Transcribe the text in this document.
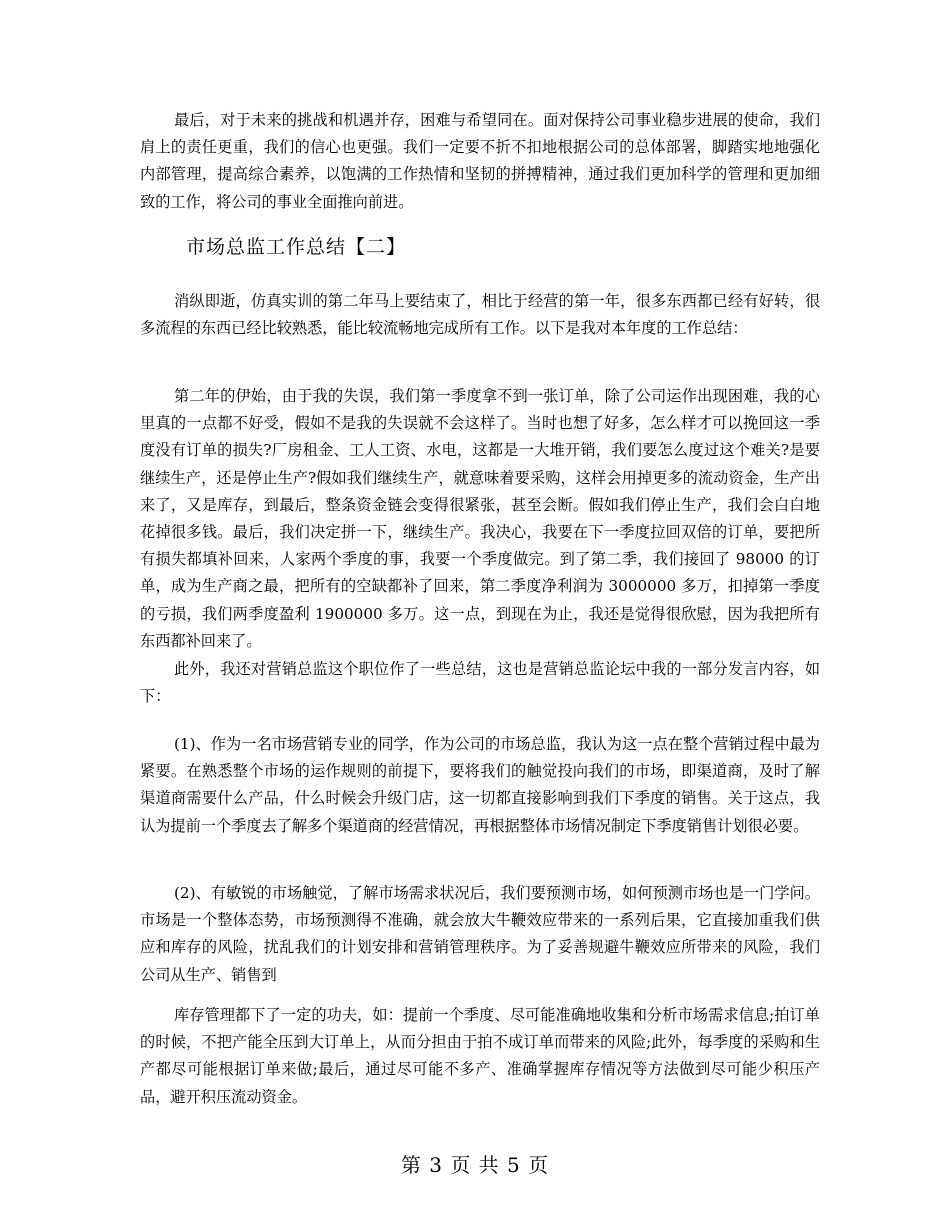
最后，对于未来的挑战和机遇并存，困难与希望同在。面对保持公司事业稳步进展的使命，我们肩上的责任更重，我们的信心也更强。我们一定要不折不扣地根据公司的总体部署，脚踏实地地强化内部管理，提高综合素养，以饱满的工作热情和坚韧的拼搏精神，通过我们更加科学的管理和更加细致的工作，将公司的事业全面推向前进。

市场总监工作总结【二】

消纵即逝，仿真实训的第二年马上要结束了，相比于经营的第一年，很多东西都已经有好转，很多流程的东西已经比较熟悉，能比较流畅地完成所有工作。以下是我对本年度的工作总结：

第二年的伊始，由于我的失误，我们第一季度拿不到一张订单，除了公司运作出现困难，我的心里真的一点都不好受，假如不是我的失误就不会这样了。当时也想了好多，怎么样才可以挽回这一季度没有订单的损失?厂房租金、工人工资、水电，这都是一大堆开销，我们要怎么度过这个难关?是要继续生产，还是停止生产?假如我们继续生产，就意味着要采购，这样会用掉更多的流动资金，生产出来了，又是库存，到最后，整条资金链会变得很紧张，甚至会断。假如我们停止生产，我们会白白地花掉很多钱。最后，我们决定拼一下，继续生产。我决心，我要在下一季度拉回双倍的订单，要把所有损失都填补回来，人家两个季度的事，我要一个季度做完。到了第二季，我们接回了 98000 的订单，成为生产商之最，把所有的空缺都补了回来，第二季度净利润为 3000000 多万，扣掉第一季度的亏损，我们两季度盈利 1900000 多万。这一点，到现在为止，我还是觉得很欣慰，因为我把所有东西都补回来了。

此外，我还对营销总监这个职位作了一些总结，这也是营销总监论坛中我的一部分发言内容，如下：

(1)、作为一名市场营销专业的同学，作为公司的市场总监，我认为这一点在整个营销过程中最为紧要。在熟悉整个市场的运作规则的前提下，要将我们的触觉投向我们的市场，即渠道商，及时了解渠道商需要什么产品，什么时候会升级门店，这一切都直接影响到我们下季度的销售。关于这点，我认为提前一个季度去了解多个渠道商的经营情况，再根据整体市场情况制定下季度销售计划很必要。

(2)、有敏锐的市场触觉，了解市场需求状况后，我们要预测市场，如何预测市场也是一门学问。市场是一个整体态势，市场预测得不准确，就会放大牛鞭效应带来的一系列后果，它直接加重我们供应和库存的风险，扰乱我们的计划安排和营销管理秩序。为了妥善规避牛鞭效应所带来的风险，我们公司从生产、销售到

库存管理都下了一定的功夫，如：提前一个季度、尽可能准确地收集和分析市场需求信息;拍订单的时候，不把产能全压到大订单上，从而分担由于拍不成订单而带来的风险;此外，每季度的采购和生产都尽可能根据订单来做;最后，通过尽可能不多产、准确掌握库存情况等方法做到尽可能少积压产品，避开积压流动资金。

第 3 页 共 5 页
